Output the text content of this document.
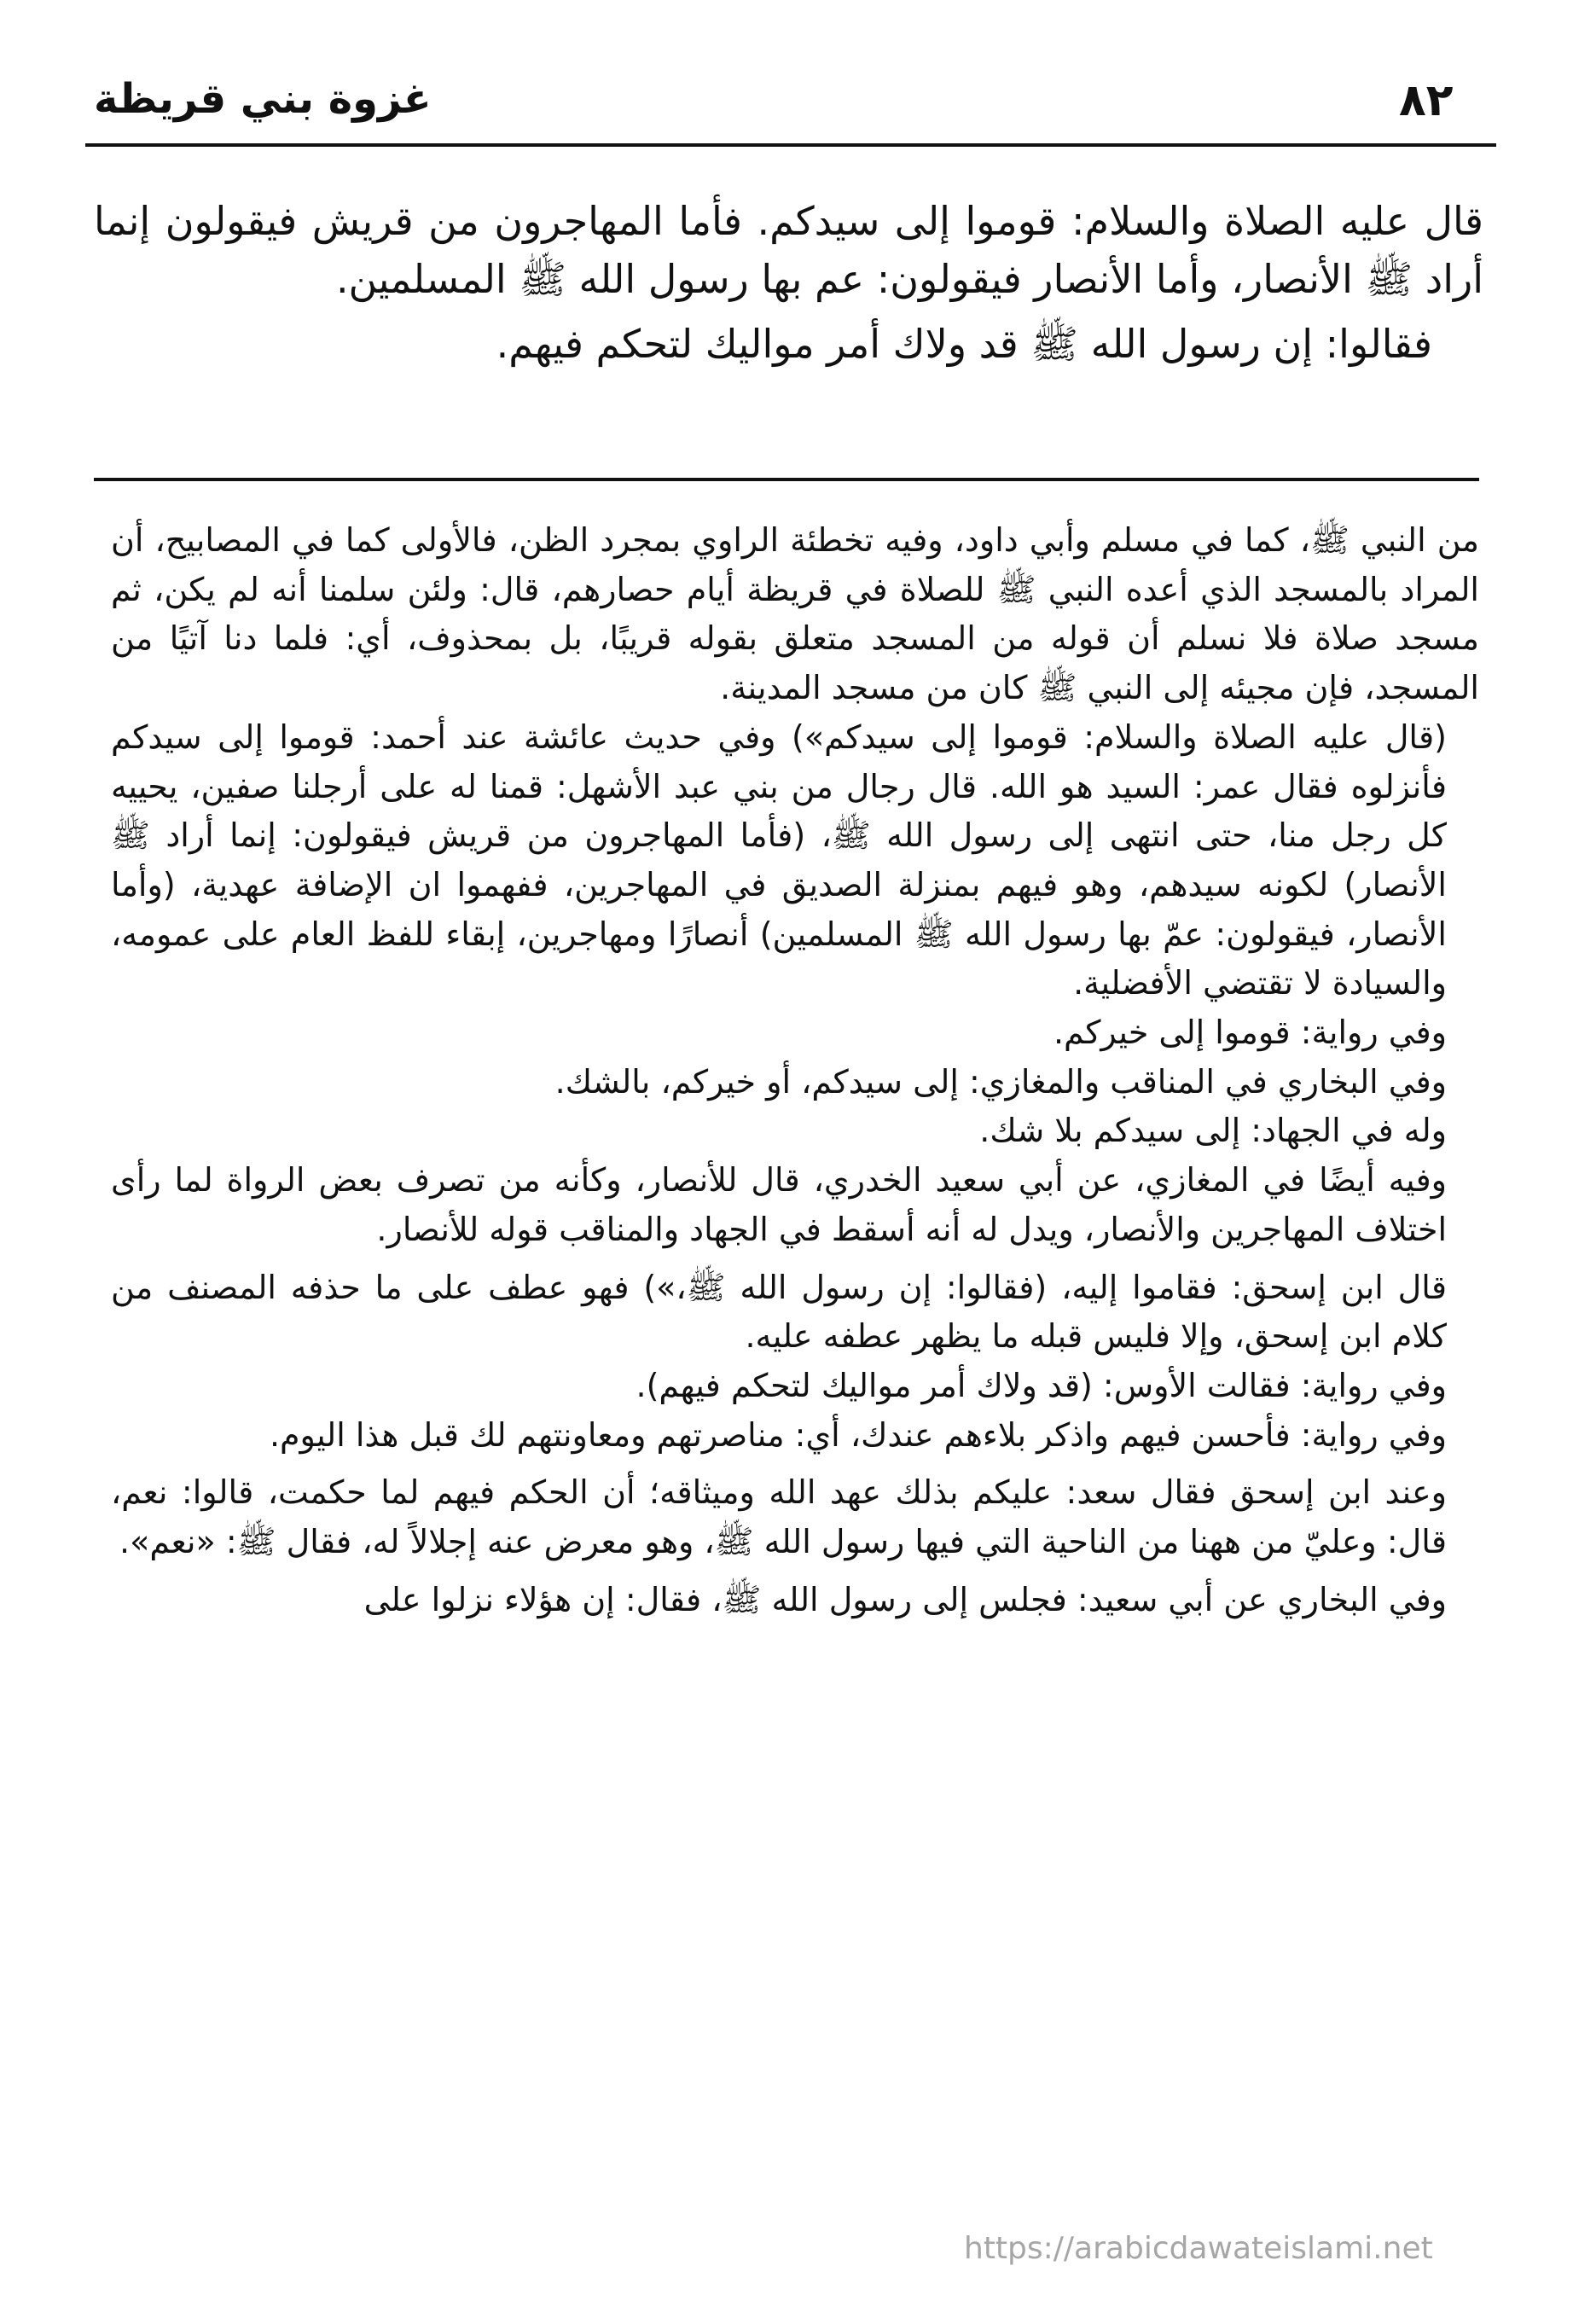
٨٢
غزوة بني قريظة

قال عليه الصلاة والسلام: قوموا إلى سيدكم. فأما المهاجرون من قريش فيقولون إنما أراد ﷺ الأنصار، وأما الأنصار فيقولون: عم بها رسول الله ﷺ المسلمين.

فقالوا: إن رسول الله ﷺ قد ولاك أمر مواليك لتحكم فيهم.

من النبي ﷺ، كما في مسلم وأبي داود، وفيه تخطئة الراوي بمجرد الظن، فالأولى كما في المصابيح، أن المراد بالمسجد الذي أعده النبي ﷺ للصلاة في قريظة أيام حصارهم، قال: ولئن سلمنا أنه لم يكن، ثم مسجد صلاة فلا نسلم أن قوله من المسجد متعلق بقوله قريبًا، بل بمحذوف، أي: فلما دنا آتيًا من المسجد، فإن مجيئه إلى النبي ﷺ كان من مسجد المدينة.

(قال عليه الصلاة والسلام: قوموا إلى سيدكم») وفي حديث عائشة عند أحمد: قوموا إلى سيدكم فأنزلوه فقال عمر: السيد هو الله. قال رجال من بني عبد الأشهل: قمنا له على أرجلنا صفين، يحييه كل رجل منا، حتى انتهى إلى رسول الله ﷺ، (فأما المهاجرون من قريش فيقولون: إنما أراد ﷺ الأنصار) لكونه سيدهم، وهو فيهم بمنزلة الصديق في المهاجرين، ففهموا ان الإضافة عهدية، (وأما الأنصار، فيقولون: عمّ بها رسول الله ﷺ المسلمين) أنصارًا ومهاجرين، إبقاء للفظ العام على عمومه، والسيادة لا تقتضي الأفضلية.

وفي رواية: قوموا إلى خيركم.

وفي البخاري في المناقب والمغازي: إلى سيدكم، أو خيركم، بالشك.

وله في الجهاد: إلى سيدكم بلا شك.

وفيه أيضًا في المغازي، عن أبي سعيد الخدري، قال للأنصار، وكأنه من تصرف بعض الرواة لما رأى اختلاف المهاجرين والأنصار، ويدل له أنه أسقط في الجهاد والمناقب قوله للأنصار.

قال ابن إسحق: فقاموا إليه، (فقالوا: إن رسول الله ﷺ،») فهو عطف على ما حذفه المصنف من كلام ابن إسحق، وإلا فليس قبله ما يظهر عطفه عليه.

وفي رواية: فقالت الأوس: (قد ولاك أمر مواليك لتحكم فيهم).

وفي رواية: فأحسن فيهم واذكر بلاءهم عندك، أي: مناصرتهم ومعاونتهم لك قبل هذا اليوم.

وعند ابن إسحق فقال سعد: عليكم بذلك عهد الله وميثاقه؛ أن الحكم فيهم لما حكمت، قالوا: نعم، قال: وعليّ من ههنا من الناحية التي فيها رسول الله ﷺ، وهو معرض عنه إجلالاً له، فقال ﷺ: «نعم».

وفي البخاري عن أبي سعيد: فجلس إلى رسول الله ﷺ، فقال: إن هؤلاء نزلوا على

https://arabicdawateislami.net
